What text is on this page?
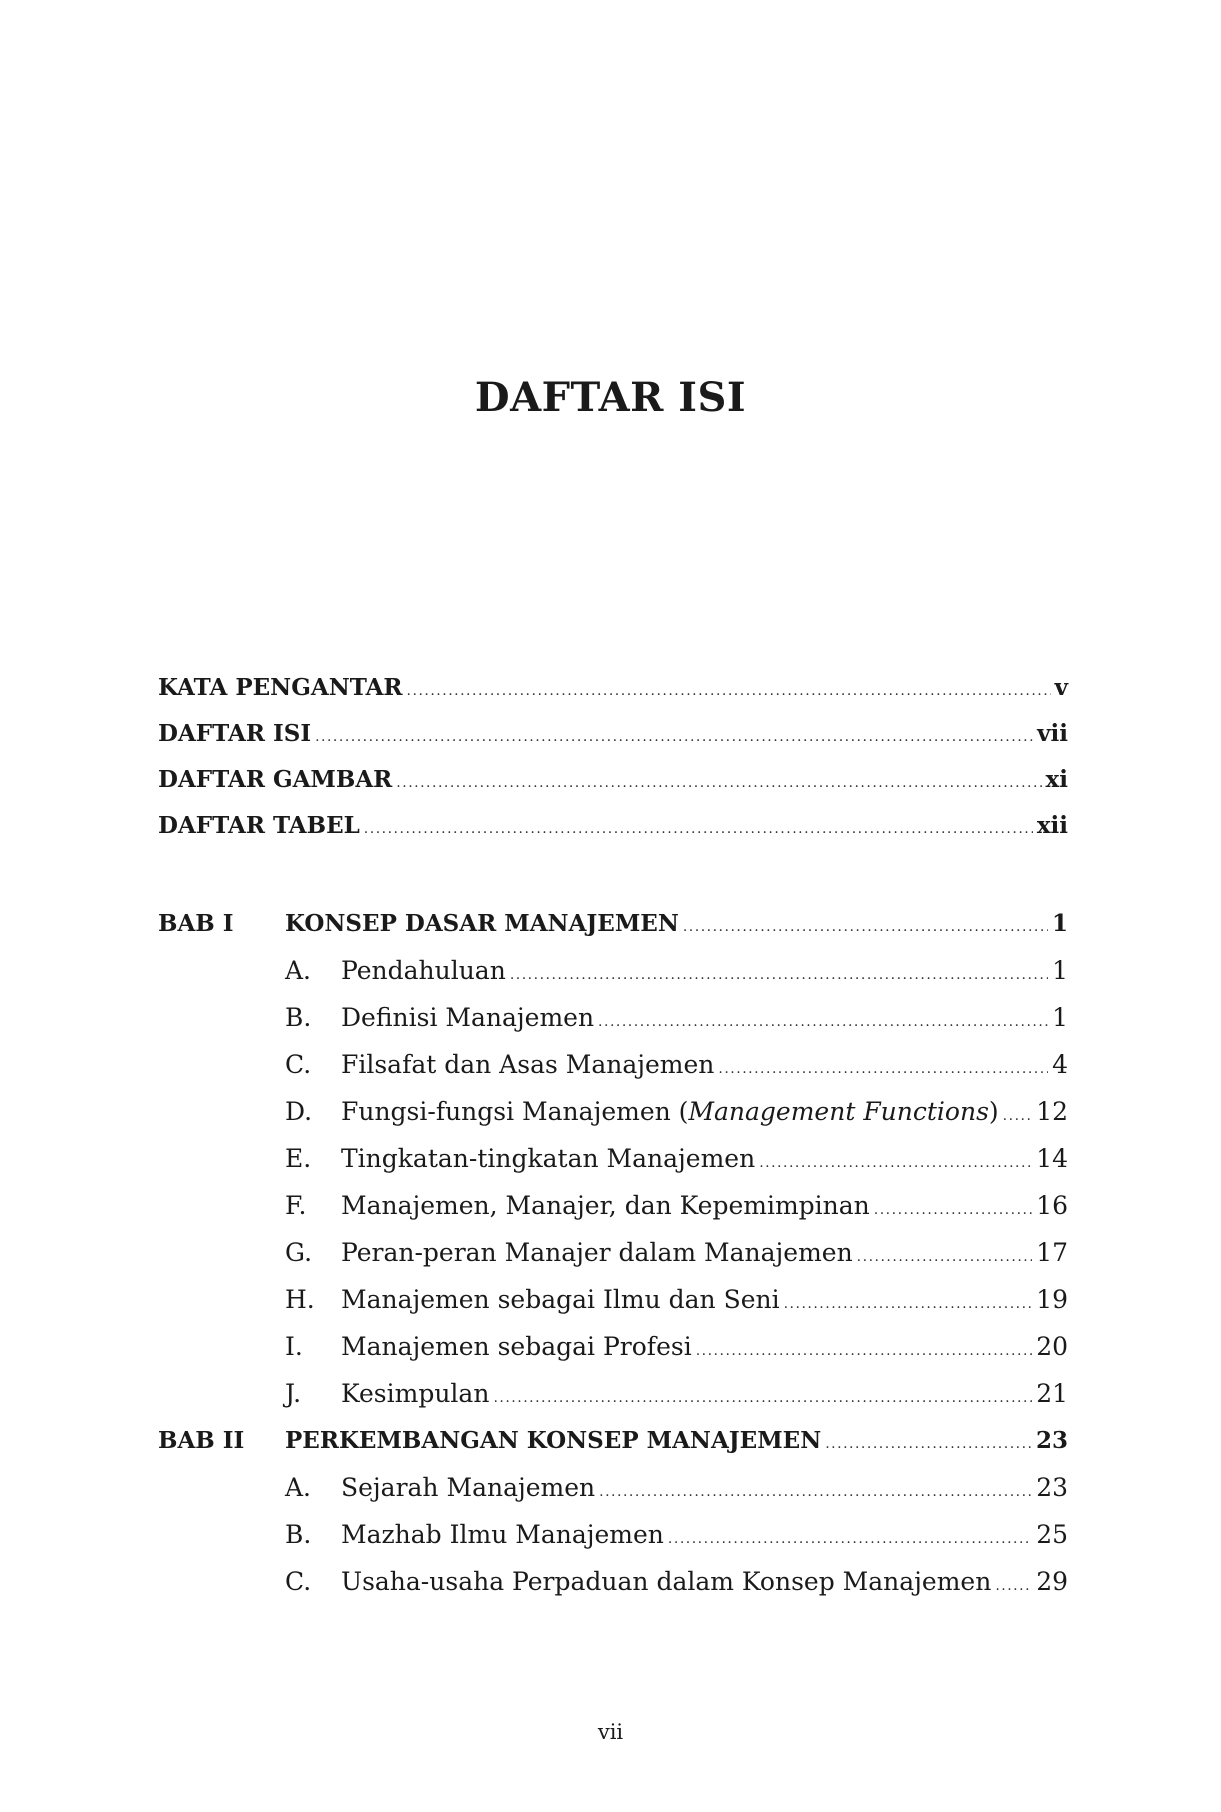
DAFTAR ISI
KATA PENGANTAR .....	v
DAFTAR ISI .....	vii
DAFTAR GAMBAR .....	xi
DAFTAR TABEL .....	xii
BAB I	KONSEP DASAR MANAJEMEN .....	1
A.	Pendahuluan .....	1
B.	Definisi Manajemen .....	1
C.	Filsafat dan Asas Manajemen .....	4
D.	Fungsi-fungsi Manajemen (Management Functions) ..... 12
E.	Tingkatan-tingkatan Manajemen .....	14
F.	Manajemen, Manajer, dan Kepemimpinan .....	16
G.	Peran-peran Manajer dalam Manajemen .....	17
H.	Manajemen sebagai Ilmu dan Seni .....	19
I.	Manajemen sebagai Profesi .....	20
J.	Kesimpulan .....	21
BAB II	PERKEMBANGAN KONSEP MANAJEMEN .....	23
A.	Sejarah Manajemen .....	23
B.	Mazhab Ilmu Manajemen .....	25
C.	Usaha-usaha Perpaduan dalam Konsep Manajemen ..... 29
vii
